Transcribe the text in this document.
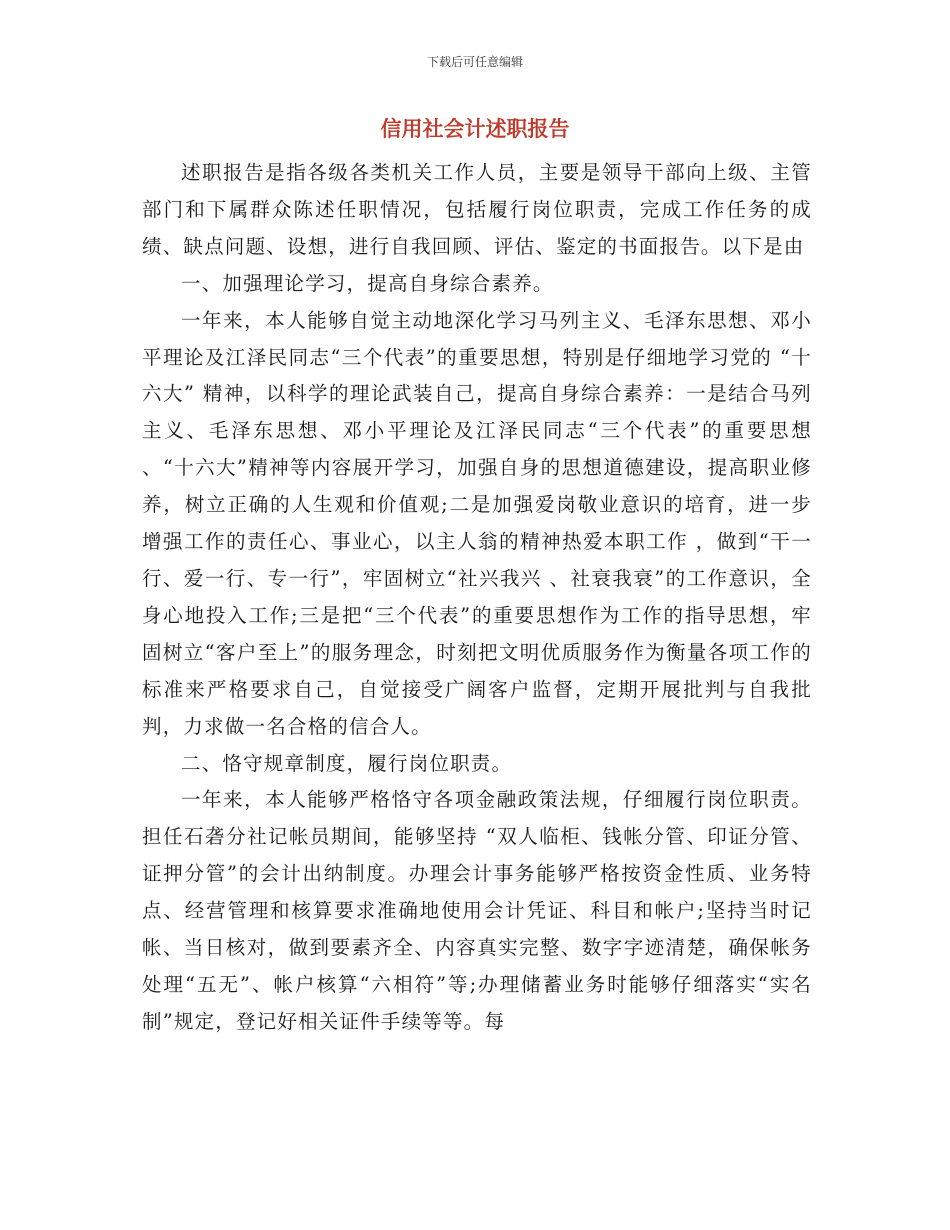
下载后可任意编辑
信用社会计述职报告

述职报告是指各级各类机关工作人员，主要是领导干部向上级、主管部门和下属群众陈述任职情况，包括履行岗位职责，完成工作任务的成绩、缺点问题、设想，进行自我回顾、评估、鉴定的书面报告。以下是由

一、加强理论学习，提高自身综合素养。

一年来，本人能够自觉主动地深化学习马列主义、毛泽东思想、邓小平理论及江泽民同志“三个代表”的重要思想，特别是仔细地学习党的 “十六大” 精神，以科学的理论武装自己，提高自身综合素养：一是结合马列主义、毛泽东思想、邓小平理论及江泽民同志“三个代表”的重要思想 、“十六大”精神等内容展开学习，加强自身的思想道德建设，提高职业修养，树立正确的人生观和价值观;二是加强爱岗敬业意识的培育，进一步增强工作的责任心、事业心，以主人翁的精神热爱本职工作 ，做到“干一行、爱一行、专一行”，牢固树立“社兴我兴 、社衰我衰”的工作意识，全身心地投入工作;三是把“三个代表”的重要思想作为工作的指导思想，牢固树立“客户至上”的服务理念，时刻把文明优质服务作为衡量各项工作的标准来严格要求自己，自觉接受广阔客户监督，定期开展批判与自我批判，力求做一名合格的信合人。

二、恪守规章制度，履行岗位职责。

一年来，本人能够严格恪守各项金融政策法规，仔细履行岗位职责。担任石砻分社记帐员期间，能够坚持 “双人临柜、钱帐分管、印证分管、证押分管”的会计出纳制度。办理会计事务能够严格按资金性质、业务特点、经营管理和核算要求准确地使用会计凭证、科目和帐户;坚持当时记帐、当日核对，做到要素齐全、内容真实完整、数字字迹清楚，确保帐务处理“五无”、帐户核算“六相符”等;办理储蓄业务时能够仔细落实“实名制”规定，登记好相关证件手续等等。每
